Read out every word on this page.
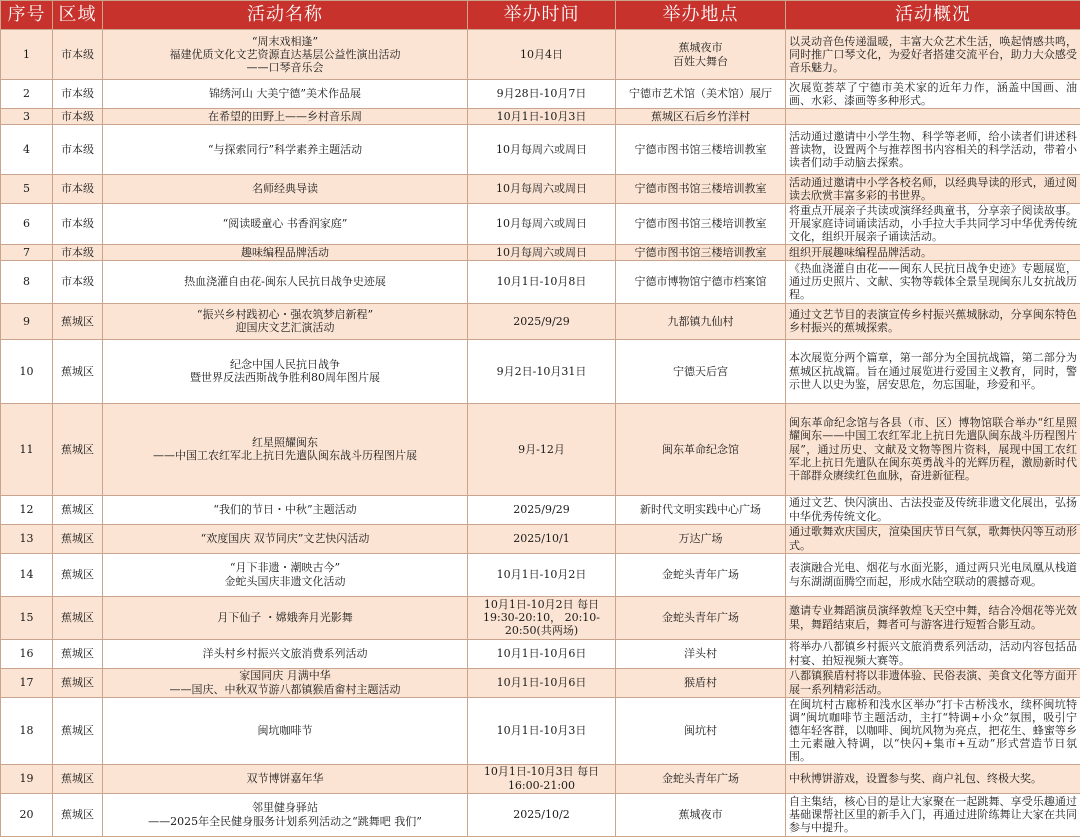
序号	区域	活动名称	举办时间	举办地点	活动概况
1	市本级	“周末戏相逢”
福建优质文化文艺资源直达基层公益性演出活动
——口琴音乐会	10月4日	蕉城夜市
百姓大舞台	以灵动音色传递温暖，丰富大众艺术生活，唤起情感共鸣，同时推广口琴文化，为爱好者搭建交流平台，助力大众感受音乐魅力。
2	市本级	锦绣河山 大美宁德”美术作品展	9月28日-10月7日	宁德市艺术馆（美术馆）展厅	次展览荟萃了宁德市美术家的近年力作，涵盖中国画、油画、水彩、漆画等多种形式。
3	市本级	在希望的田野上——乡村音乐周	10月1日-10月3日	蕉城区石后乡竹洋村	
4	市本级	“与探索同行”科学素养主题活动	10月每周六或周日	宁德市图书馆三楼培训教室	活动通过邀请中小学生物、科学等老师，给小读者们讲述科普读物，设置两个与推荐图书内容相关的科学活动，带着小读者们动手动脑去探索。
5	市本级	名师经典导读	10月每周六或周日	宁德市图书馆三楼培训教室	活动通过邀请中小学各校名师，以经典导读的形式，通过阅读去欣赏丰富多彩的书世界。
6	市本级	“阅读暖童心 书香润家庭”	10月每周六或周日	宁德市图书馆三楼培训教室	将重点开展亲子共读或演绎经典童书，分享亲子阅读故事。开展家庭诗词诵读活动，小手拉大手共同学习中华优秀传统文化，组织开展亲子诵读活动。
7	市本级	趣味编程品牌活动	10月每周六或周日	宁德市图书馆三楼培训教室	组织开展趣味编程品牌活动。
8	市本级	热血浇灌自由花-闽东人民抗日战争史迹展	10月1日-10月8日	宁德市博物馆宁德市档案馆	《热血浇灌自由花——闽东人民抗日战争史迹》专题展览，通过历史照片、文献、实物等载体全景呈现闽东儿女抗战历程。
9	蕉城区	“振兴乡村践初心・强农筑梦启新程”
迎国庆文艺汇演活动	2025/9/29	九都镇九仙村	通过文艺节目的表演宣传乡村振兴蕉城脉动，分享闽东特色乡村振兴的蕉城探索。
10	蕉城区	纪念中国人民抗日战争
暨世界反法西斯战争胜利80周年图片展	9月2日-10月31日	宁德天后宫	本次展览分两个篇章，第一部分为全国抗战篇，第二部分为蕉城区抗战篇。旨在通过展览进行爱国主义教育，同时，警示世人以史为鉴，居安思危，勿忘国耻，珍爱和平。
11	蕉城区	红星照耀闽东
——中国工农红军北上抗日先遣队闽东战斗历程图片展	9月-12月	闽东革命纪念馆	闽东革命纪念馆与各县（市、区）博物馆联合举办“红星照耀闽东——中国工农红军北上抗日先遣队闽东战斗历程图片展”，通过历史、文献及文物等图片资料，展现中国工农红军北上抗日先遣队在闽东英勇战斗的光辉历程，激励新时代干部群众赓续红色血脉，奋进新征程。
12	蕉城区	“我们的节日・中秋”主题活动	2025/9/29	新时代文明实践中心广场	通过文艺、快闪演出、古法投壶及传统非遗文化展出，弘扬中华优秀传统文化。
13	蕉城区	“欢度国庆 双节同庆”文艺快闪活动	2025/10/1	万达广场	通过歌舞欢庆国庆，渲染国庆节日气氛，歌舞快闪等互动形式。
14	蕉城区	“月下非遗・潮映古今”
金蛇头国庆非遗文化活动	10月1日-10月2日	金蛇头青年广场	表演融合光电、烟花与水面光影，通过两只光电凤凰从栈道与东湖湖面腾空而起，形成水陆空联动的震撼奇观。
15	蕉城区	月下仙子 ・嫦娥奔月光影舞	10月1日-10月2日 每日
19:30-20:10， 20:10-
20:50(共两场)	金蛇头青年广场	邀请专业舞蹈演员演绎敦煌飞天空中舞，结合冷烟花等光效果，舞蹈结束后，舞者可与游客进行短暂合影互动。
16	蕉城区	洋头村乡村振兴文旅消费系列活动	10月1日-10月6日	洋头村	将举办八都镇乡村振兴文旅消费系列活动，活动内容包括品村宴、拍短视频大赛等。
17	蕉城区	家国同庆 月满中华
——国庆、中秋双节游八都镇猴盾畲村主题活动	10月1日-10月6日	猴盾村	八都镇猴盾村将以非遗体验、民俗表演、美食文化等方面开展一系列精彩活动。
18	蕉城区	闽坑咖啡节	10月1日-10月3日	闽坑村	在闽坑村古廊桥和浅水区举办“打卡古桥浅水，续杯闽坑特调”闽坑咖啡节主题活动，主打“特调+小众”氛围，吸引宁德年轻客群，以咖啡、闽坑风物为亮点，把花生、蜂蜜等乡土元素融入特调，以“快闪+集市+互动”形式营造节日氛围。
19	蕉城区	双节博饼嘉年华	10月1日-10月3日 每日
16:00-21:00	金蛇头青年广场	中秋博饼游戏，设置参与奖、商户礼包、终极大奖。
20	蕉城区	邻里健身驿站
——2025年全民健身服务计划系列活动之“跳舞吧 我们”	2025/10/2	蕉城夜市	自主集结，核心目的是让大家聚在一起跳舞、享受乐趣通过基础课帮社区里的新手入门，再通过进阶练舞让大家在共同参与中提升。
